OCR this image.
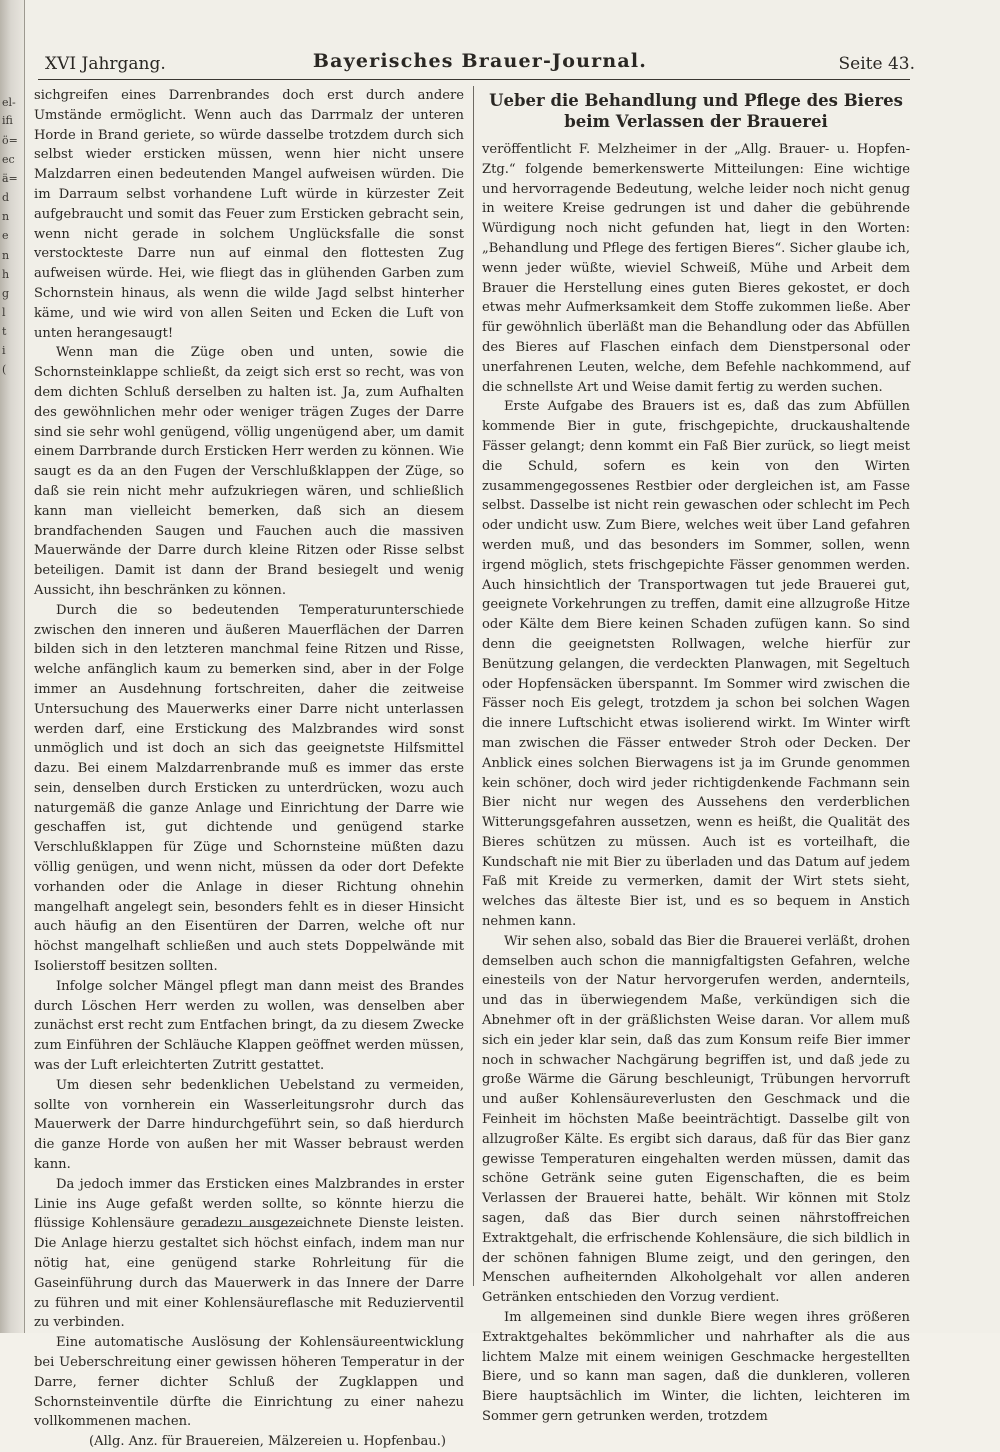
el-
ifi
ö=
ec
ä=
d
n
e
n
h
g
l
t
i
(
XVI Jahrgang.	Bayerisches Brauer-Journal.	Seite 43.

sichgreifen eines Darrenbrandes doch erst durch andere Umstände ermöglicht. Wenn auch das Darrmalz der unteren Horde in Brand geriete, so würde dasselbe trotzdem durch sich selbst wieder ersticken müssen, wenn hier nicht unsere Malzdarren einen bedeutenden Mangel aufweisen würden. Die im Darraum selbst vorhandene Luft würde in kürzester Zeit aufgebraucht und somit das Feuer zum Ersticken gebracht sein, wenn nicht gerade in solchem Unglücksfalle die sonst verstockteste Darre nun auf einmal den flottesten Zug aufweisen würde. Hei, wie fliegt das in glühenden Garben zum Schornstein hinaus, als wenn die wilde Jagd selbst hinterher käme, und wie wird von allen Seiten und Ecken die Luft von unten herangesaugt!

Wenn man die Züge oben und unten, sowie die Schornsteinklappe schließt, da zeigt sich erst so recht, was von dem dichten Schluß derselben zu halten ist. Ja, zum Aufhalten des gewöhnlichen mehr oder weniger trägen Zuges der Darre sind sie sehr wohl genügend, völlig ungenügend aber, um damit einem Darrbrande durch Ersticken Herr werden zu können. Wie saugt es da an den Fugen der Verschlußklappen der Züge, so daß sie rein nicht mehr aufzukriegen wären, und schließlich kann man vielleicht bemerken, daß sich an diesem brandfachenden Saugen und Fauchen auch die massiven Mauerwände der Darre durch kleine Ritzen oder Risse selbst beteiligen. Damit ist dann der Brand besiegelt und wenig Aussicht, ihn beschränken zu können.

Durch die so bedeutenden Temperaturunterschiede zwischen den inneren und äußeren Mauerflächen der Darren bilden sich in den letzteren manchmal feine Ritzen und Risse, welche anfänglich kaum zu bemerken sind, aber in der Folge immer an Ausdehnung fortschreiten, daher die zeitweise Untersuchung des Mauerwerks einer Darre nicht unterlassen werden darf, eine Erstickung des Malzbrandes wird sonst unmöglich und ist doch an sich das geeignetste Hilfsmittel dazu. Bei einem Malzdarrenbrande muß es immer das erste sein, denselben durch Ersticken zu unterdrücken, wozu auch naturgemäß die ganze Anlage und Einrichtung der Darre wie geschaffen ist, gut dichtende und genügend starke Verschlußklappen für Züge und Schornsteine müßten dazu völlig genügen, und wenn nicht, müssen da oder dort Defekte vorhanden oder die Anlage in dieser Richtung ohnehin mangelhaft angelegt sein, besonders fehlt es in dieser Hinsicht auch häufig an den Eisentüren der Darren, welche oft nur höchst mangelhaft schließen und auch stets Doppelwände mit Isolierstoff besitzen sollten.

Infolge solcher Mängel pflegt man dann meist des Brandes durch Löschen Herr werden zu wollen, was denselben aber zunächst erst recht zum Entfachen bringt, da zu diesem Zwecke zum Einführen der Schläuche Klappen geöffnet werden müssen, was der Luft erleichterten Zutritt gestattet.

Um diesen sehr bedenklichen Uebelstand zu vermeiden, sollte von vornherein ein Wasserleitungsrohr durch das Mauerwerk der Darre hindurchgeführt sein, so daß hierdurch die ganze Horde von außen her mit Wasser bebraust werden kann.

Da jedoch immer das Ersticken eines Malzbrandes in erster Linie ins Auge gefaßt werden sollte, so könnte hierzu die flüssige Kohlensäure geradezu ausgezeichnete Dienste leisten. Die Anlage hierzu gestaltet sich höchst einfach, indem man nur nötig hat, eine genügend starke Rohrleitung für die Gaseinführung durch das Mauerwerk in das Innere der Darre zu führen und mit einer Kohlensäureflasche mit Reduzierventil zu verbinden.

Eine automatische Auslösung der Kohlensäureentwicklung bei Ueberschreitung einer gewissen höheren Temperatur in der Darre, ferner dichter Schluß der Zugklappen und Schornsteinventile dürfte die Einrichtung zu einer nahezu vollkommenen machen.

(Allg. Anz. für Brauereien, Mälzereien u. Hopfenbau.)

Ueber die Behandlung und Pflege des Bieres beim Verlassen der Brauerei

veröffentlicht F. Melzheimer in der „Allg. Brauer- u. Hopfen-Ztg.“ folgende bemerkenswerte Mitteilungen: Eine wichtige und hervorragende Bedeutung, welche leider noch nicht genug in weitere Kreise gedrungen ist und daher die gebührende Würdigung noch nicht gefunden hat, liegt in den Worten: „Behandlung und Pflege des fertigen Bieres“. Sicher glaube ich, wenn jeder wüßte, wieviel Schweiß, Mühe und Arbeit dem Brauer die Herstellung eines guten Bieres gekostet, er doch etwas mehr Aufmerksamkeit dem Stoffe zukommen ließe. Aber für gewöhnlich überläßt man die Behandlung oder das Abfüllen des Bieres auf Flaschen einfach dem Dienstpersonal oder unerfahrenen Leuten, welche, dem Befehle nachkommend, auf die schnellste Art und Weise damit fertig zu werden suchen.

Erste Aufgabe des Brauers ist es, daß das zum Abfüllen kommende Bier in gute, frischgepichte, druckaushaltende Fässer gelangt; denn kommt ein Faß Bier zurück, so liegt meist die Schuld, sofern es kein von den Wirten zusammengegossenes Restbier oder dergleichen ist, am Fasse selbst. Dasselbe ist nicht rein gewaschen oder schlecht im Pech oder undicht usw. Zum Biere, welches weit über Land gefahren werden muß, und das besonders im Sommer, sollen, wenn irgend möglich, stets frischgepichte Fässer genommen werden. Auch hinsichtlich der Transportwagen tut jede Brauerei gut, geeignete Vorkehrungen zu treffen, damit eine allzugroße Hitze oder Kälte dem Biere keinen Schaden zufügen kann. So sind denn die geeignetsten Rollwagen, welche hierfür zur Benützung gelangen, die verdeckten Planwagen, mit Segeltuch oder Hopfensäcken überspannt. Im Sommer wird zwischen die Fässer noch Eis gelegt, trotzdem ja schon bei solchen Wagen die innere Luftschicht etwas isolierend wirkt. Im Winter wirft man zwischen die Fässer entweder Stroh oder Decken. Der Anblick eines solchen Bierwagens ist ja im Grunde genommen kein schöner, doch wird jeder richtigdenkende Fachmann sein Bier nicht nur wegen des Aussehens den verderblichen Witterungsgefahren aussetzen, wenn es heißt, die Qualität des Bieres schützen zu müssen. Auch ist es vorteilhaft, die Kundschaft nie mit Bier zu überladen und das Datum auf jedem Faß mit Kreide zu vermerken, damit der Wirt stets sieht, welches das älteste Bier ist, und es so bequem in Anstich nehmen kann.

Wir sehen also, sobald das Bier die Brauerei verläßt, drohen demselben auch schon die mannigfaltigsten Gefahren, welche einesteils von der Natur hervorgerufen werden, andernteils, und das in überwiegendem Maße, verkündigen sich die Abnehmer oft in der gräßlichsten Weise daran. Vor allem muß sich ein jeder klar sein, daß das zum Konsum reife Bier immer noch in schwacher Nachgärung begriffen ist, und daß jede zu große Wärme die Gärung beschleunigt, Trübungen hervorruft und außer Kohlensäureverlusten den Geschmack und die Feinheit im höchsten Maße beeinträchtigt. Dasselbe gilt von allzugroßer Kälte. Es ergibt sich daraus, daß für das Bier ganz gewisse Temperaturen eingehalten werden müssen, damit das schöne Getränk seine guten Eigenschaften, die es beim Verlassen der Brauerei hatte, behält. Wir können mit Stolz sagen, daß das Bier durch seinen nährstoffreichen Extraktgehalt, die erfrischende Kohlensäure, die sich bildlich in der schönen fahnigen Blume zeigt, und den geringen, den Menschen aufheiternden Alkoholgehalt vor allen anderen Getränken entschieden den Vorzug verdient.

Im allgemeinen sind dunkle Biere wegen ihres größeren Extraktgehaltes bekömmlicher und nahrhafter als die aus lichtem Malze mit einem weinigen Geschmacke hergestellten Biere, und so kann man sagen, daß die dunkleren, volleren Biere hauptsächlich im Winter, die lichten, leichteren im Sommer gern getrunken werden, trotzdem
